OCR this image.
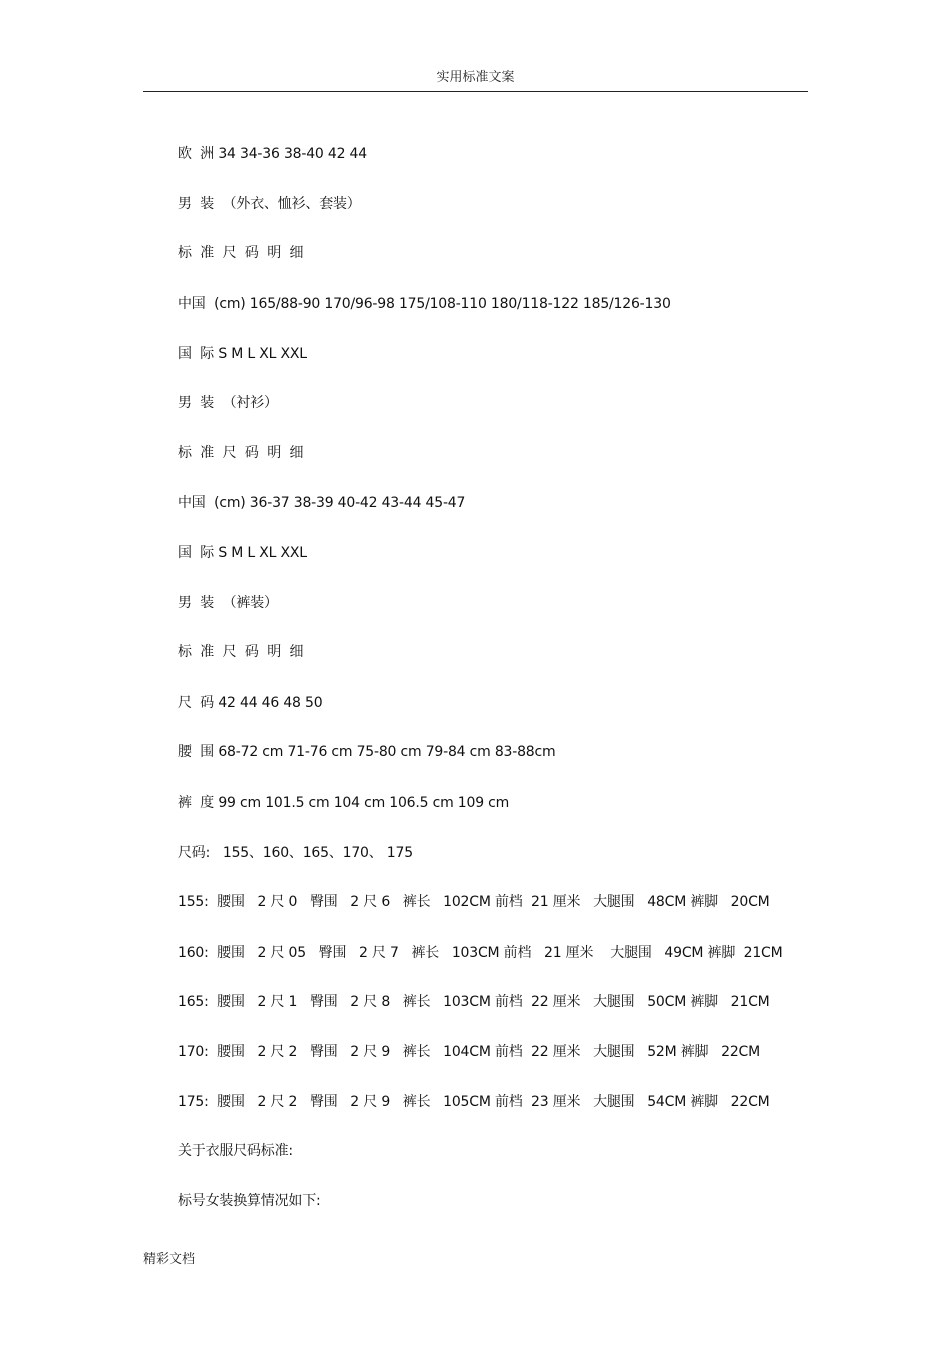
实用标准文案
欧  洲 34 34-36 38-40 42 44
男  装  （外衣、恤衫、套装）
标  准  尺  码  明  细
中国  (cm) 165/88-90 170/96-98 175/108-110 180/118-122 185/126-130
国  际 S M L XL XXL
男  装  （衬衫）
标  准  尺  码  明  细
中国  (cm) 36-37 38-39 40-42 43-44 45-47
国  际 S M L XL XXL
男  装  （裤装）
标  准  尺  码  明  细
尺  码 42 44 46 48 50
腰  围 68-72 cm 71-76 cm 75-80 cm 79-84 cm 83-88cm
裤  度 99 cm 101.5 cm 104 cm 106.5 cm 109 cm
尺码:   155、160、165、170、 175
155:  腰围   2 尺 0   臀围   2 尺 6   裤长   102CM 前档  21 厘米   大腿围   48CM 裤脚   20CM
160:  腰围   2 尺 05   臀围   2 尺 7   裤长   103CM 前档   21 厘米    大腿围   49CM 裤脚  21CM
165:  腰围   2 尺 1   臀围   2 尺 8   裤长   103CM 前档  22 厘米   大腿围   50CM 裤脚   21CM
170:  腰围   2 尺 2   臀围   2 尺 9   裤长   104CM 前档  22 厘米   大腿围   52M 裤脚   22CM
175:  腰围   2 尺 2   臀围   2 尺 9   裤长   105CM 前档  23 厘米   大腿围   54CM 裤脚   22CM
关于衣服尺码标准:
标号女装换算情况如下:
精彩文档
